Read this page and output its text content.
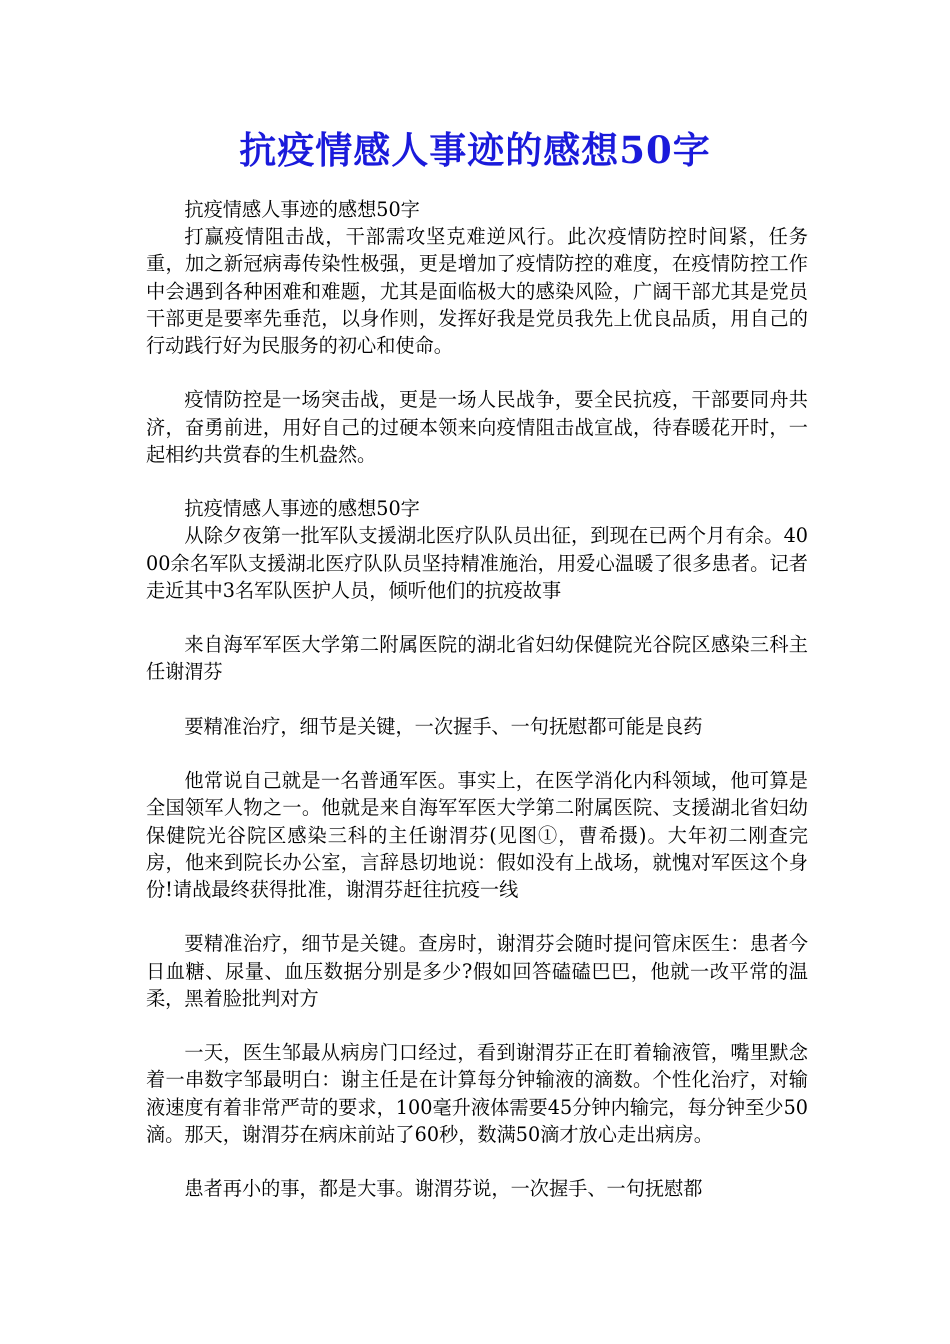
抗疫情感人事迹的感想50字

抗疫情感人事迹的感想50字

打赢疫情阻击战，干部需攻坚克难逆风行。此次疫情防控时间紧，任务重，加之新冠病毒传染性极强，更是增加了疫情防控的难度，在疫情防控工作中会遇到各种困难和难题，尤其是面临极大的感染风险，广阔干部尤其是党员干部更是要率先垂范，以身作则，发挥好我是党员我先上优良品质，用自己的行动践行好为民服务的初心和使命。

疫情防控是一场突击战，更是一场人民战争，要全民抗疫，干部要同舟共济，奋勇前进，用好自己的过硬本领来向疫情阻击战宣战，待春暖花开时，一起相约共赏春的生机盎然。

抗疫情感人事迹的感想50字

从除夕夜第一批军队支援湖北医疗队队员出征，到现在已两个月有余。4000余名军队支援湖北医疗队队员坚持精准施治，用爱心温暖了很多患者。记者走近其中3名军队医护人员，倾听他们的抗疫故事

来自海军军医大学第二附属医院的湖北省妇幼保健院光谷院区感染三科主任谢渭芬

要精准治疗，细节是关键，一次握手、一句抚慰都可能是良药

他常说自己就是一名普通军医。事实上，在医学消化内科领域，他可算是全国领军人物之一。他就是来自海军军医大学第二附属医院、支援湖北省妇幼保健院光谷院区感染三科的主任谢渭芬(见图①，曹希摄)。大年初二刚查完房，他来到院长办公室，言辞恳切地说：假如没有上战场，就愧对军医这个身份!请战最终获得批准，谢渭芬赶往抗疫一线

要精准治疗，细节是关键。查房时，谢渭芬会随时提问管床医生：患者今日血糖、尿量、血压数据分别是多少?假如回答磕磕巴巴，他就一改平常的温柔，黑着脸批判对方

一天，医生邹最从病房门口经过，看到谢渭芬正在盯着输液管，嘴里默念着一串数字邹最明白：谢主任是在计算每分钟输液的滴数。个性化治疗，对输液速度有着非常严苛的要求，100毫升液体需要45分钟内输完，每分钟至少50滴。那天，谢渭芬在病床前站了60秒，数满50滴才放心走出病房。

患者再小的事，都是大事。谢渭芬说，一次握手、一句抚慰都
